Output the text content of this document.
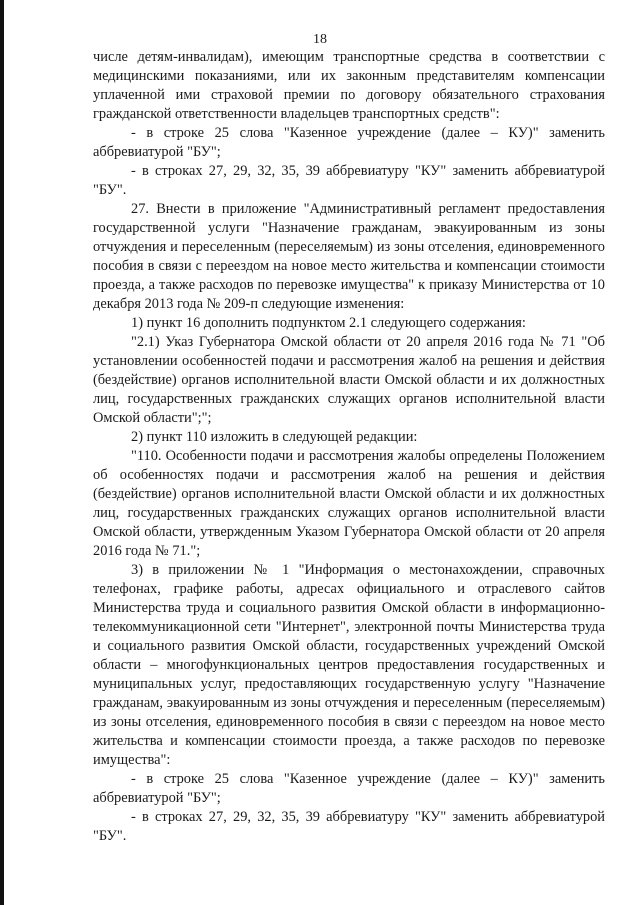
18

числе детям-инвалидам), имеющим транспортные средства в соответствии с медицинскими показаниями, или их законным представителям компенсации уплаченной ими страховой премии по договору обязательного страхования гражданской ответственности владельцев транспортных средств":

- в строке 25 слова "Казенное учреждение (далее – КУ)" заменить аббревиатурой "БУ";

- в строках 27, 29, 32, 35, 39 аббревиатуру "КУ" заменить аббревиатурой "БУ".

27. Внести в приложение "Административный регламент предоставления государственной услуги "Назначение гражданам, эвакуированным из зоны отчуждения и переселенным (переселяемым) из зоны отселения, единовременного пособия в связи с переездом на новое место жительства и компенсации стоимости проезда, а также расходов по перевозке имущества" к приказу Министерства от 10 декабря 2013 года № 209-п следующие изменения:

1) пункт 16 дополнить подпунктом 2.1 следующего содержания:

"2.1) Указ Губернатора Омской области от 20 апреля 2016 года № 71 "Об установлении особенностей подачи и рассмотрения жалоб на решения и действия (бездействие) органов исполнительной власти Омской области и их должностных лиц, государственных гражданских служащих органов исполнительной власти Омской области";";

2) пункт 110 изложить в следующей редакции:

"110. Особенности подачи и рассмотрения жалобы определены Положением об особенностях подачи и рассмотрения жалоб на решения и действия (бездействие) органов исполнительной власти Омской области и их должностных лиц, государственных гражданских служащих органов исполнительной власти Омской области, утвержденным Указом Губернатора Омской области от 20 апреля 2016 года № 71.";

3) в приложении № 1 "Информация о местонахождении, справочных телефонах, графике работы, адресах официального и отраслевого сайтов Министерства труда и социального развития Омской области в информационно-телекоммуникационной сети "Интернет", электронной почты Министерства труда и социального развития Омской области, государственных учреждений Омской области – многофункциональных центров предоставления государственных и муниципальных услуг, предоставляющих государственную услугу "Назначение гражданам, эвакуированным из зоны отчуждения и переселенным (переселяемым) из зоны отселения, единовременного пособия в связи с переездом на новое место жительства и компенсации стоимости проезда, а также расходов по перевозке имущества":

- в строке 25 слова "Казенное учреждение (далее – КУ)" заменить аббревиатурой "БУ";

- в строках 27, 29, 32, 35, 39 аббревиатуру "КУ" заменить аббревиатурой "БУ".
